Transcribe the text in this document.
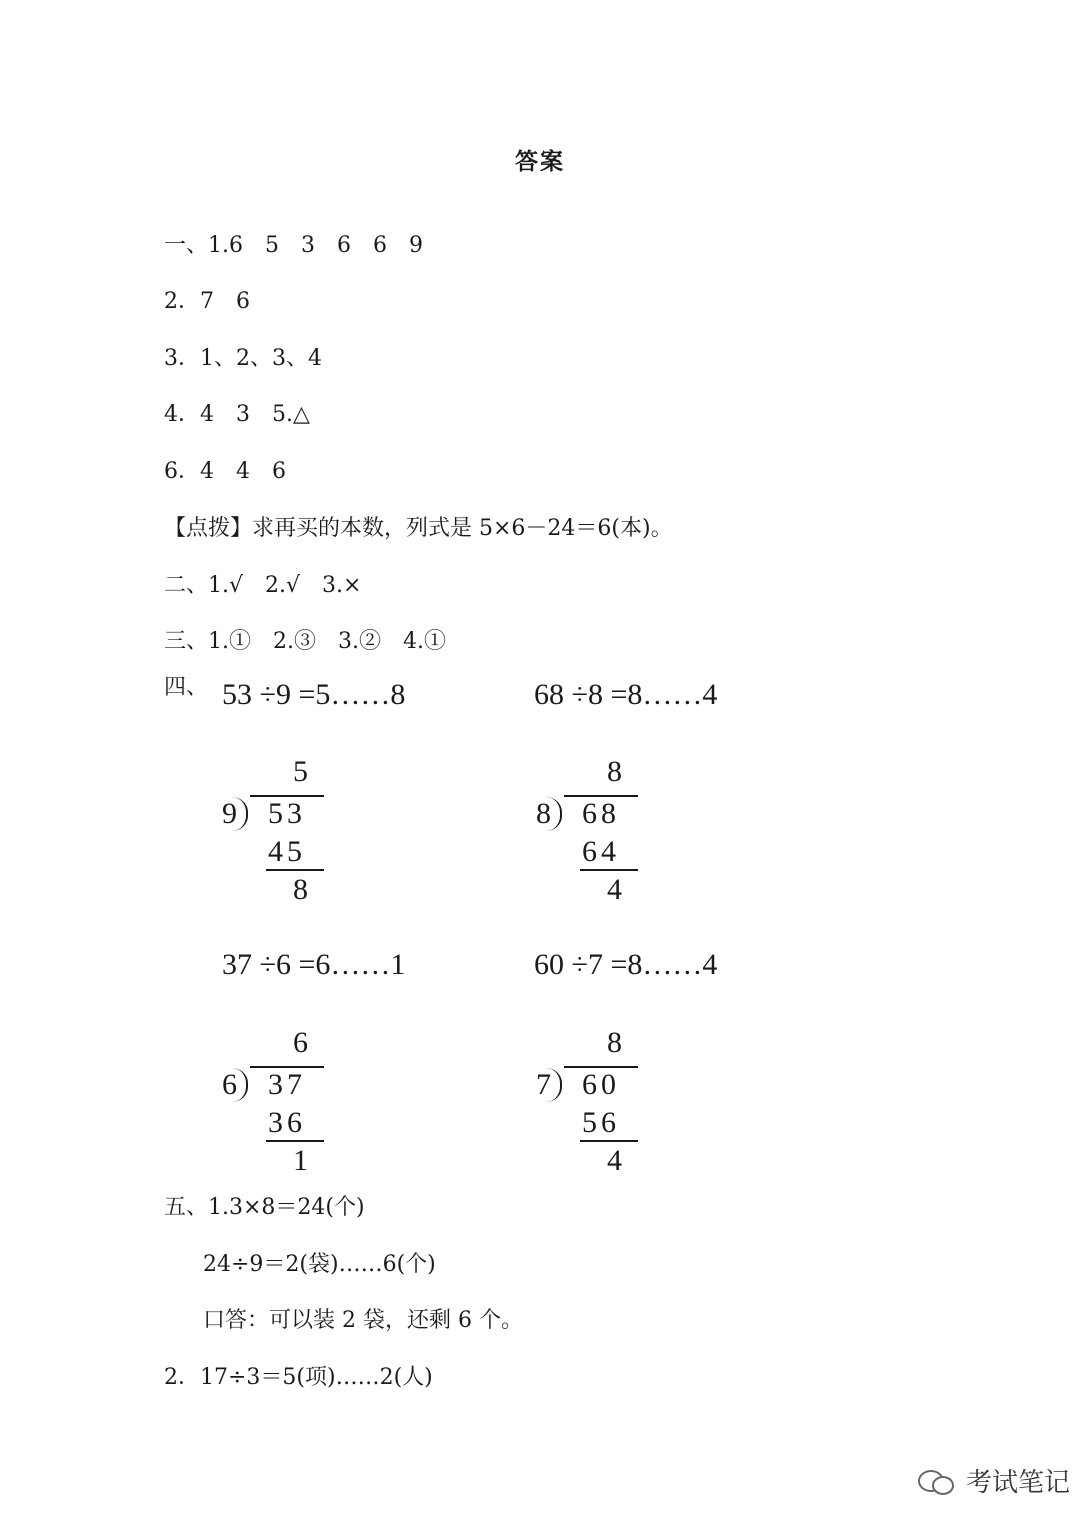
答案
一、1.6　5　3　6　6　9
2．7　6
3．1、2、3、4
4．4　3　5.△
6．4　4　6
【点拨】求再买的本数，列式是 5×6－24＝6(本)。
二、1.√　2.√　3.×
三、1.①　2.③　3.②　4.①
四、 53 ÷9 =5……8	68 ÷8 =8……4
37 ÷6 =6……1	60 ÷7 =8……4
5
9 53
45
8
8
8 68
64
4
6
6 37
36
1
8
7 60
56
4
五、1.3×8＝24(个)
24÷9＝2(袋)……6(个)
口答：可以装 2 袋，还剩 6 个。
2．17÷3＝5(项)……2(人)
考试笔记
